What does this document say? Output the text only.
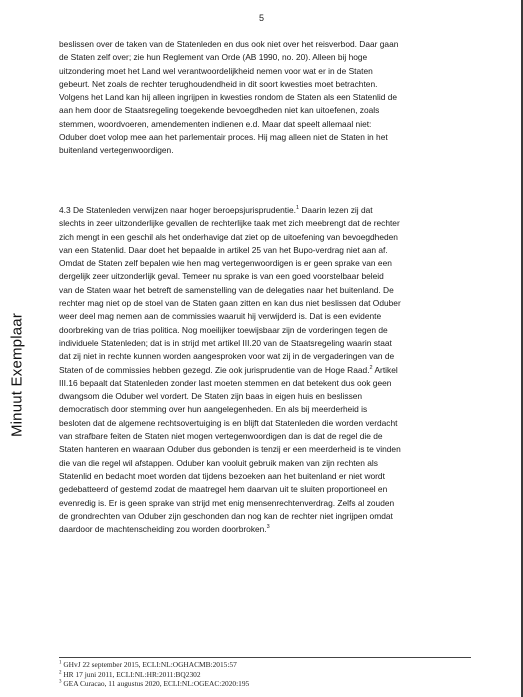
5
Minuut Exemplaar
beslissen over de taken van de Statenleden en dus ook niet over het reisverbod. Daar gaan
de Staten zelf over; zie hun Reglement van Orde (AB 1990, no. 20). Alleen bij hoge
uitzondering moet het Land wel verantwoordelijkheid nemen voor wat er in de Staten
gebeurt. Net zoals de rechter terughoudendheid in dit soort kwesties moet betrachten.
Volgens het Land kan hij alleen ingrijpen in kwesties rondom de Staten als een Statenlid de
aan hem door de Staatsregeling toegekende bevoegdheden niet kan uitoefenen, zoals
stemmen, woordvoeren, amendementen indienen e.d. Maar dat speelt allemaal niet:
Oduber doet volop mee aan het parlementair proces. Hij mag alleen niet de Staten in het
buitenland vertegenwoordigen.
4.3 De Statenleden verwijzen naar hoger beroepsjurisprudentie.$^1$ Daarin lezen zij dat
slechts in zeer uitzonderlijke gevallen de rechterlijke taak met zich meebrengt dat de rechter
zich mengt in een geschil als het onderhavige dat ziet op de uitoefening van bevoegdheden
van een Statenlid. Daar doet het bepaalde in artikel 25 van het Bupo-verdrag niet aan af.
Omdat de Staten zelf bepalen wie hen mag vertegenwoordigen is er geen sprake van een
dergelijk zeer uitzonderlijk geval. Temeer nu sprake is van een goed voorstelbaar beleid
van de Staten waar het betreft de samenstelling van de delegaties naar het buitenland. De
rechter mag niet op de stoel van de Staten gaan zitten en kan dus niet beslissen dat Oduber
weer deel mag nemen aan de commissies waaruit hij verwijderd is. Dat is een evidente
doorbreking van de trias politica. Nog moeilijker toewijsbaar zijn de vorderingen tegen de
individuele Statenleden; dat is in strijd met artikel III.20 van de Staatsregeling waarin staat
dat zij niet in rechte kunnen worden aangesproken voor wat zij in de vergaderingen van de
Staten of de commissies hebben gezegd. Zie ook jurisprudentie van de Hoge Raad.$^2$ Artikel
III.16 bepaalt dat Statenleden zonder last moeten stemmen en dat betekent dus ook geen
dwangsom die Oduber wel vordert. De Staten zijn baas in eigen huis en beslissen
democratisch door stemming over hun aangelegenheden. En als bij meerderheid is
besloten dat de algemene rechtsovertuiging is en blijft dat Statenleden die worden verdacht
van strafbare feiten de Staten niet mogen vertegenwoordigen dan is dat de regel die de
Staten hanteren en waaraan Oduber dus gebonden is tenzij er een meerderheid is te vinden
die van die regel wil afstappen. Oduber kan vooluit gebruik maken van zijn rechten als
Statenlid en bedacht moet worden dat tijdens bezoeken aan het buitenland er niet wordt
gedebatteerd of gestemd zodat de maatregel hem daarvan uit te sluiten proportioneel en
evenredig is. Er is geen sprake van strijd met enig mensenrechtenverdrag. Zelfs al zouden
de grondrechten van Oduber zijn geschonden dan nog kan de rechter niet ingrijpen omdat
daardoor de machtenscheiding zou worden doorbroken.$^3$
$^1$ GHvJ 22 september 2015, ECLI:NL:OGHACMB:2015:57
$^2$ HR 17 juni 2011, ECLI:NL:HR:2011:BQ2302
$^3$ GEA Curacao, 11 augustus 2020, ECLI:NL:OGEAC:2020:195
